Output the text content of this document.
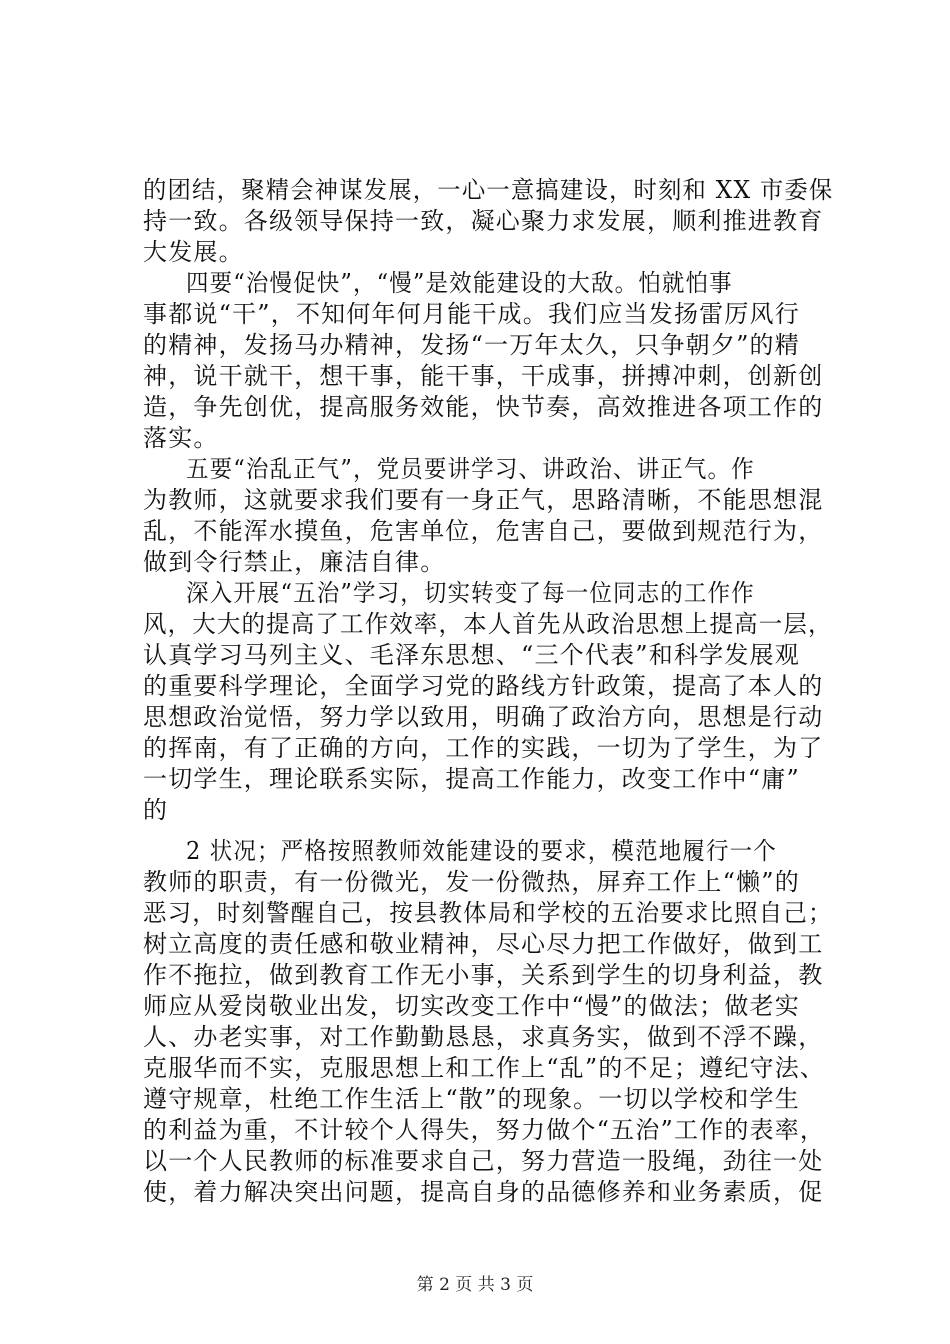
的团结，聚精会神谋发展，一心一意搞建设，时刻和 XX 市委保
持一致。各级领导保持一致，凝心聚力求发展，顺利推进教育
大发展。
四要“治慢促快”，“慢”是效能建设的大敌。怕就怕事
事都说“干”，不知何年何月能干成。我们应当发扬雷厉风行
的精神，发扬马办精神，发扬“一万年太久，只争朝夕”的精
神，说干就干，想干事，能干事，干成事，拼搏冲刺，创新创
造，争先创优，提高服务效能，快节奏，高效推进各项工作的
落实。
五要“治乱正气”，党员要讲学习、讲政治、讲正气。作
为教师，这就要求我们要有一身正气，思路清晰，不能思想混
乱，不能浑水摸鱼，危害单位，危害自己，要做到规范行为，
做到令行禁止，廉洁自律。
深入开展“五治”学习，切实转变了每一位同志的工作作
风，大大的提高了工作效率，本人首先从政治思想上提高一层，
认真学习马列主义、毛泽东思想、“三个代表”和科学发展观
的重要科学理论，全面学习党的路线方针政策，提高了本人的
思想政治觉悟，努力学以致用，明确了政治方向，思想是行动
的挥南，有了正确的方向，工作的实践，一切为了学生，为了
一切学生，理论联系实际，提高工作能力，改变工作中“庸”
的
2 状况；严格按照教师效能建设的要求，模范地履行一个
教师的职责，有一份微光，发一份微热，屏弃工作上“懒”的
恶习，时刻警醒自己，按县教体局和学校的五治要求比照自己；
树立高度的责任感和敬业精神，尽心尽力把工作做好，做到工
作不拖拉，做到教育工作无小事，关系到学生的切身利益，教
师应从爱岗敬业出发，切实改变工作中“慢”的做法；做老实
人、办老实事，对工作勤勤恳恳，求真务实，做到不浮不躁，
克服华而不实，克服思想上和工作上“乱”的不足；遵纪守法、
遵守规章，杜绝工作生活上“散”的现象。一切以学校和学生
的利益为重，不计较个人得失，努力做个“五治”工作的表率，
以一个人民教师的标准要求自己，努力营造一股绳，劲往一处
使，着力解决突出问题，提高自身的品德修养和业务素质，促
第 2 页 共 3 页
